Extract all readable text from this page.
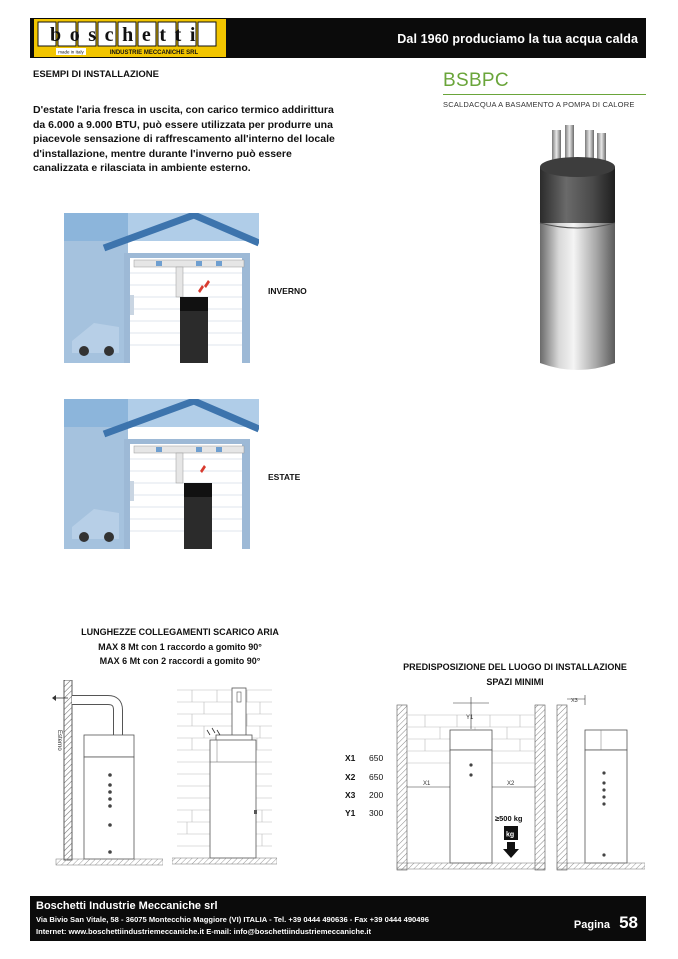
boschetti
made in Italy	INDUSTRIE MECCANICHE SRL
Dal 1960 produciamo la tua acqua calda
ESEMPI DI INSTALLAZIONE
D'estate l'aria fresca in uscita, con carico termico addirittura da 6.000 a 9.000 BTU, può essere utilizzata per produrre una piacevole sensazione di raffrescamento all'interno del locale d'installazione, mentre durante l'inverno può essere canalizzata e rilasciata in ambiente esterno.
BSBPC
SCALDACQUA A BASAMENTO A POMPA DI CALORE
INVERNO
ESTATE
LUNGHEZZE COLLEGAMENTI SCARICO ARIA
MAX 8 Mt con 1 raccordo a gomito 90°
MAX 6 Mt con 2 raccordi a gomito 90°
Esterno
PREDISPOSIZIONE DEL LUOGO DI INSTALLAZIONE
SPAZI MINIMI
X1 650
X2 650
X3 200
Y1 300
Y1
X1	X2
≥500 kg
kg
X3
Boschetti Industrie Meccaniche srl
Via Bivio San Vitale, 58 - 36075 Montecchio Maggiore (VI) ITALIA - Tel. +39 0444 490636 - Fax +39 0444 490496
Internet: www.boschettiindustriemeccaniche.it E-mail: info@boschettiindustriemeccaniche.it
Pagina 58
